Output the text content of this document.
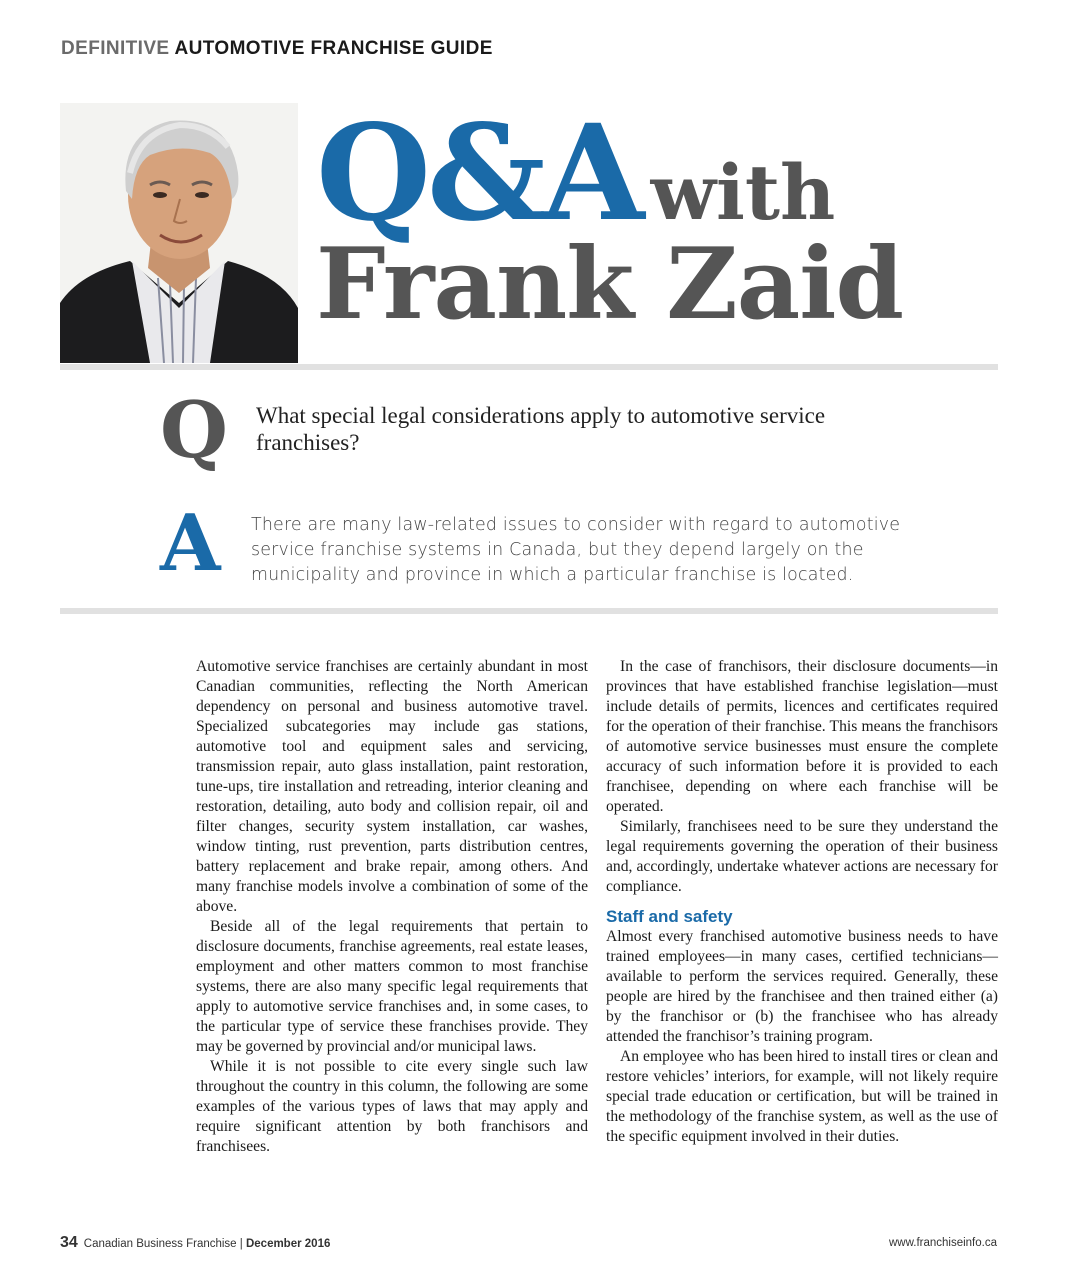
DEFINITIVE AUTOMOTIVE FRANCHISE GUIDE
Q&A with
Frank Zaid
Q What special legal considerations apply to automotive service franchises?
A There are many law-related issues to consider with regard to automotive service franchise systems in Canada, but they depend largely on the municipality and province in which a particular franchise is located.

Automotive service franchises are certainly abundant in most Canadian communities, reflecting the North American dependency on personal and business automotive travel. Specialized subcategories may include gas stations, automotive tool and equipment sales and servicing, transmission repair, auto glass installation, paint restoration, tune-ups, tire installation and retreading, interior cleaning and restoration, detailing, auto body and collision repair, oil and filter changes, security system installation, car washes, window tinting, rust prevention, parts distribution centres, battery replacement and brake repair, among others. And many franchise models involve a combination of some of the above.

Beside all of the legal requirements that pertain to disclosure documents, franchise agreements, real estate leases, employment and other matters common to most franchise systems, there are also many specific legal requirements that apply to automotive service franchises and, in some cases, to the particular type of service these franchises provide. They may be governed by provincial and/or municipal laws.

While it is not possible to cite every single such law throughout the country in this column, the following are some examples of the various types of laws that may apply and require significant attention by both franchisors and franchisees.

In the case of franchisors, their disclosure documents—in provinces that have established franchise legislation—must include details of permits, licences and certificates required for the operation of their franchise. This means the franchisors of automotive service businesses must ensure the complete accuracy of such information before it is provided to each franchisee, depending on where each franchise will be operated.

Similarly, franchisees need to be sure they understand the legal requirements governing the operation of their business and, accordingly, undertake whatever actions are necessary for compliance.

Staff and safety

Almost every franchised automotive business needs to have trained employees—in many cases, certified technicians—available to perform the services required. Generally, these people are hired by the franchisee and then trained either (a) by the franchisor or (b) the franchisee who has already attended the franchisor’s training program.

An employee who has been hired to install tires or clean and restore vehicles’ interiors, for example, will not likely require special trade education or certification, but will be trained in the methodology of the franchise system, as well as the use of the specific equipment involved in their duties.

34 Canadian Business Franchise | December 2016	www.franchiseinfo.ca
